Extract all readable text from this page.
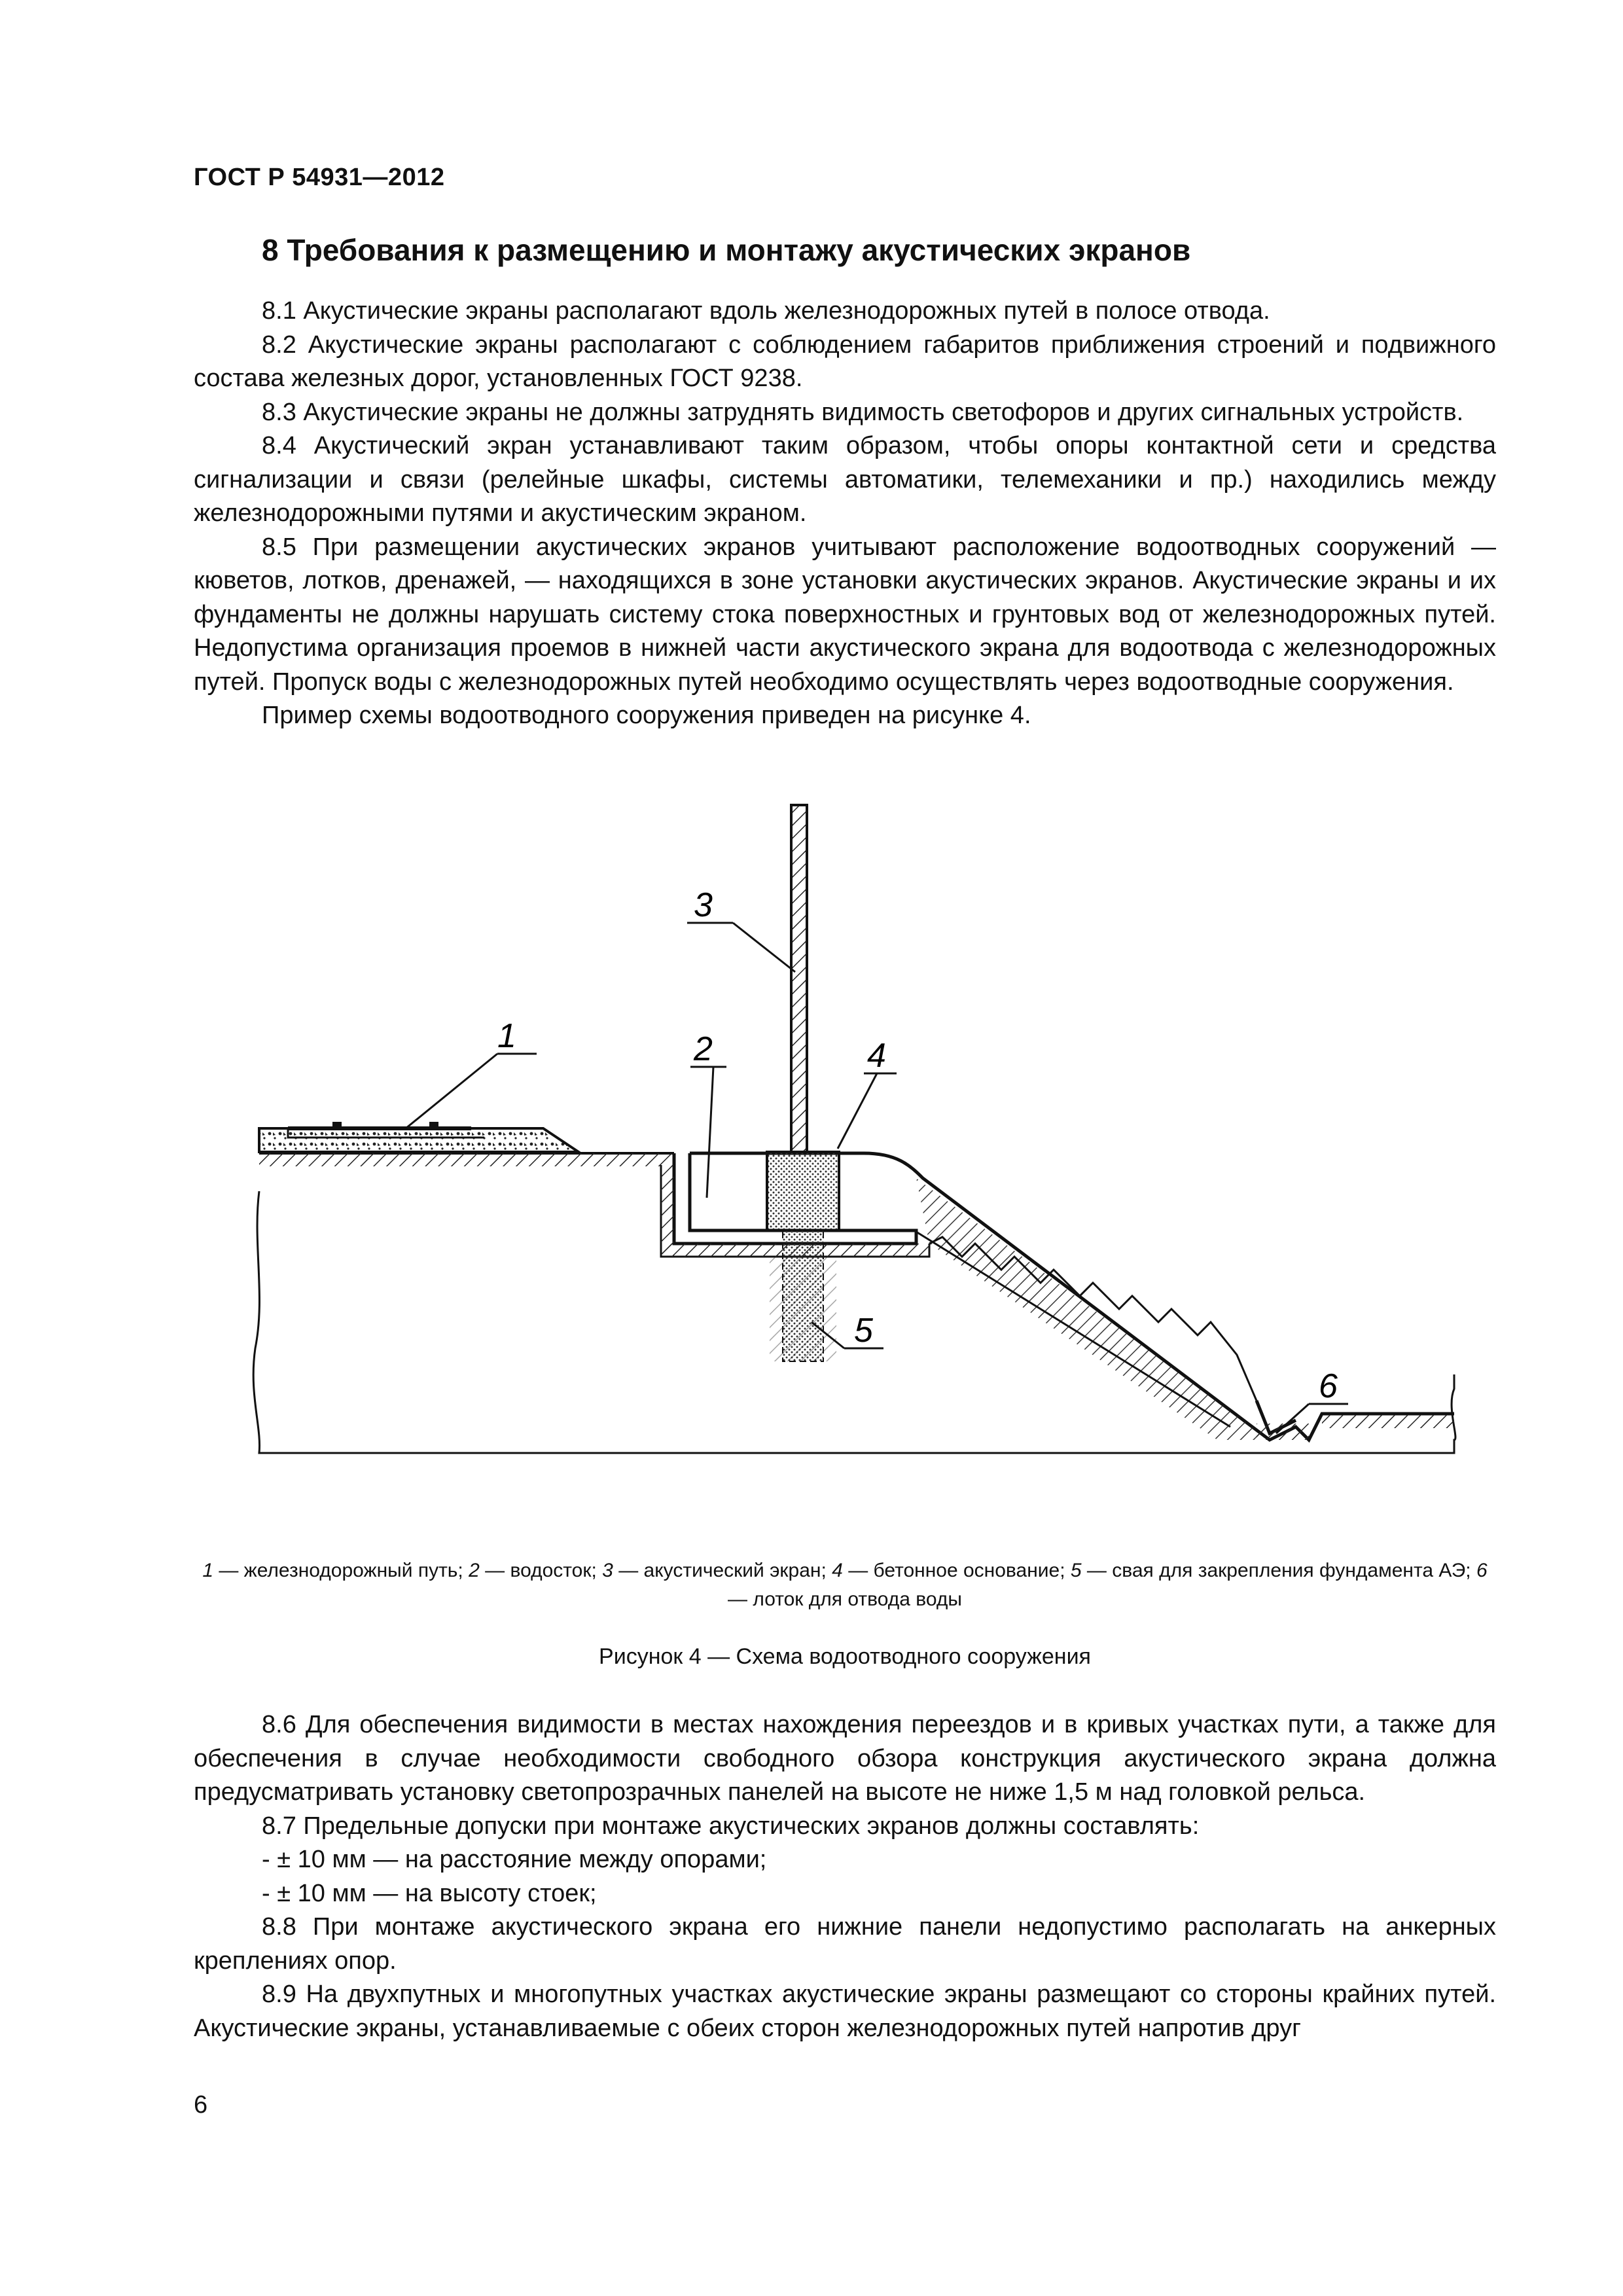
ГОСТ Р 54931—2012
8 Требования к размещению и монтажу акустических экранов

8.1 Акустические экраны располагают вдоль железнодорожных путей в полосе отвода.

8.2 Акустические экраны располагают с соблюдением габаритов приближения строений и подвижного состава железных дорог, установленных ГОСТ 9238.

8.3 Акустические экраны не должны затруднять видимость светофоров и других сигнальных устройств.

8.4 Акустический экран устанавливают таким образом, чтобы опоры контактной сети и средства сигнализации и связи (релейные шкафы, системы автоматики, телемеханики и пр.) находились между железнодорожными путями и акустическим экраном.

8.5 При размещении акустических экранов учитывают расположение водоотводных сооружений — кюветов, лотков, дренажей, — находящихся в зоне установки акустических экранов. Акустические экраны и их фундаменты не должны нарушать систему стока поверхностных и грунтовых вод от железнодорожных путей. Недопустима организация проемов в нижней части акустического экрана для водоотвода с железнодорожных путей. Пропуск воды с железнодорожных путей необходимо осуществлять через водоотводные сооружения.

Пример схемы водоотводного сооружения приведен на рисунке 4.

1	2
3
4
5
6
1 — железнодорожный путь; 2 — водосток; 3 — акустический экран; 4 — бетонное основание; 5 — свая для закрепления фундамента АЭ; 6 — лоток для отвода воды
Рисунок 4 — Схема водоотводного сооружения

8.6 Для обеспечения видимости в местах нахождения переездов и в кривых участках пути, а также для обеспечения в случае необходимости свободного обзора конструкция акустического экрана должна предусматривать установку светопрозрачных панелей на высоте не ниже 1,5 м над головкой рельса.

8.7 Предельные допуски при монтаже акустических экранов должны составлять:

- ± 10 мм — на расстояние между опорами;

- ± 10 мм — на высоту стоек;

8.8 При монтаже акустического экрана его нижние панели недопустимо располагать на анкерных креплениях опор.

8.9 На двухпутных и многопутных участках акустические экраны размещают со стороны крайних путей. Акустические экраны, устанавливаемые с обеих сторон железнодорожных путей напротив друг

6
